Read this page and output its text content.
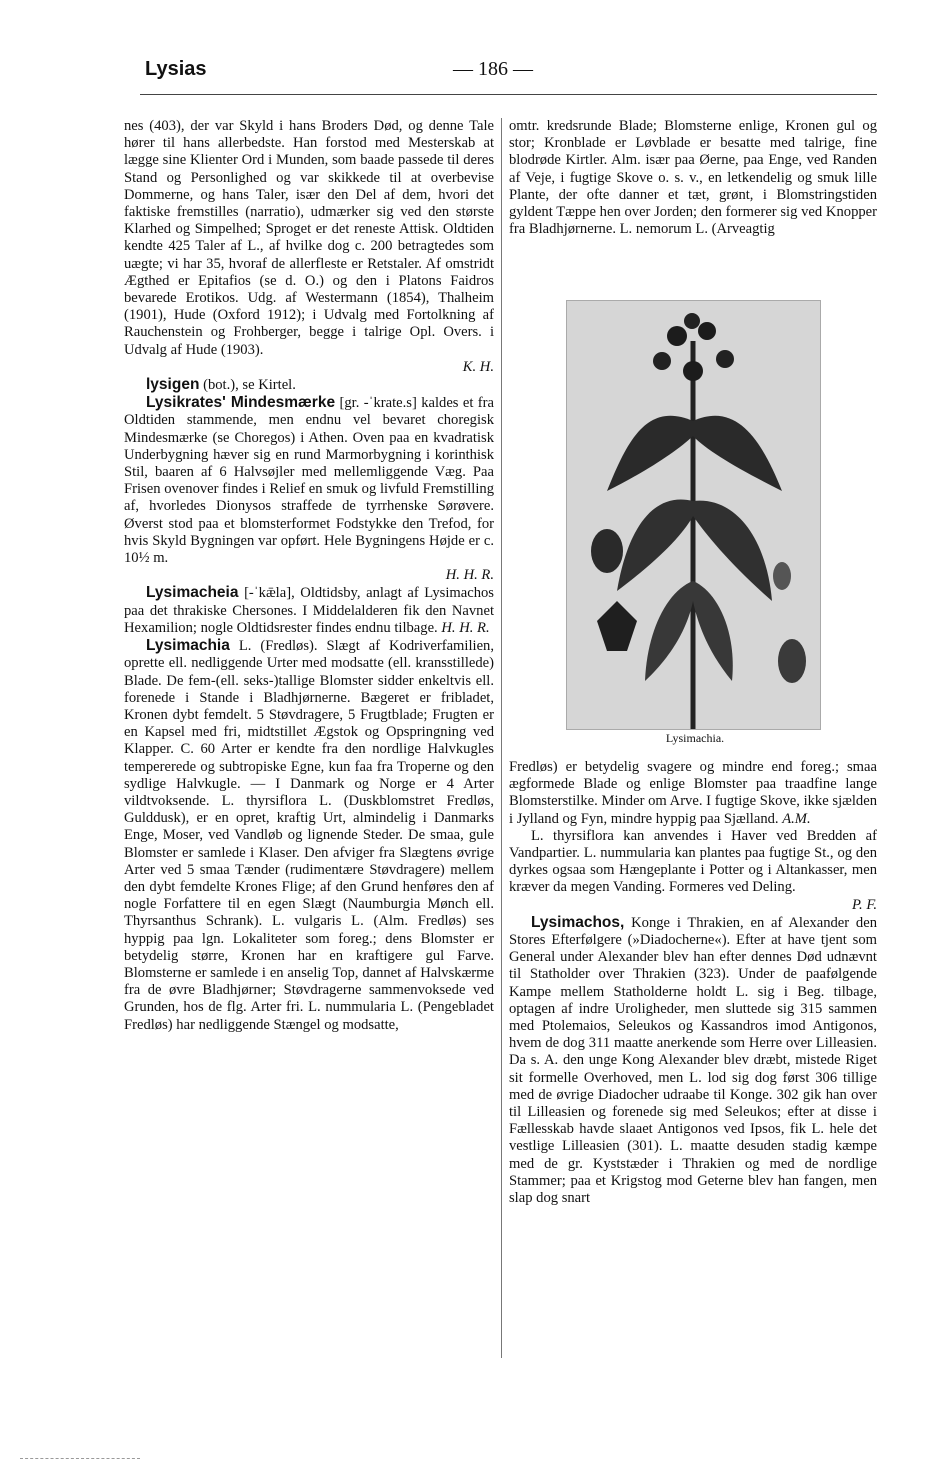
Lysias	— 186 —

nes (403), der var Skyld i hans Broders Død, og denne Tale hører til hans allerbedste. Han forstod med Mesterskab at lægge sine Klienter Ord i Munden, som baade passede til deres Stand og Personlighed og var skikkede til at overbevise Dommerne, og hans Taler, især den Del af dem, hvori det faktiske fremstilles (narratio), udmærker sig ved den største Klarhed og Simpelhed; Sproget er det reneste Attisk. Oldtiden kendte 425 Taler af L., af hvilke dog c. 200 betragtedes som uægte; vi har 35, hvoraf de allerfleste er Retstaler. Af omstridt Ægthed er Epitafios (se d. O.) og den i Platons Faidros bevarede Erotikos. Udg. af Westermann (1854), Thalheim (1901), Hude (Oxford 1912); i Udvalg med Fortolkning af Rauchenstein og Frohberger, begge i talrige Opl. Overs. i Udvalg af Hude (1903).

K. H.

lysigen (bot.), se Kirtel.

Lysikrates' Mindesmærke [gr. -ˈkrate.s] kaldes et fra Oldtiden stammende, men endnu vel bevaret choregisk Mindesmærke (se Choregos) i Athen. Oven paa en kvadratisk Underbygning hæver sig en rund Marmorbygning i korinthisk Stil, baaren af 6 Halvsøjler med mellemliggende Væg. Paa Frisen ovenover findes i Relief en smuk og livfuld Fremstilling af, hvorledes Dionysos straffede de tyrrhenske Sørøvere. Øverst stod paa et blomsterformet Fodstykke den Trefod, for hvis Skyld Bygningen var opført. Hele Bygningens Højde er c. 10½ m.

H. H. R.

Lysimacheia [-ˈkǣla], Oldtidsby, anlagt af Lysimachos paa det thrakiske Chersones. I Middelalderen fik den Navnet Hexamilion; nogle Oldtidsrester findes endnu tilbage. H. H. R.

Lysimachia L. (Fredløs). Slægt af Kodriverfamilien, oprette ell. nedliggende Urter med modsatte (ell. kransstillede) Blade. De fem-(ell. seks-)tallige Blomster sidder enkeltvis ell. forenede i Stande i Bladhjørnerne. Bægeret er fribladet, Kronen dybt femdelt. 5 Støvdragere, 5 Frugtblade; Frugten er en Kapsel med fri, midtstillet Ægstok og Opspringning ved Klapper. C. 60 Arter er kendte fra den nordlige Halvkugles tempererede og subtropiske Egne, kun faa fra Troperne og den sydlige Halvkugle. — I Danmark og Norge er 4 Arter vildtvoksende. L. thyrsiflora L. (Duskblomstret Fredløs, Gulddusk), er en opret, kraftig Urt, almindelig i Danmarks Enge, Moser, ved Vandløb og lignende Steder. De smaa, gule Blomster er samlede i Klaser. Den afviger fra Slægtens øvrige Arter ved 5 smaa Tænder (rudimentære Støvdragere) mellem den dybt femdelte Krones Flige; af den Grund henføres den af nogle Forfattere til en egen Slægt (Naumburgia Mønch ell. Thyrsanthus Schrank). L. vulgaris L. (Alm. Fredløs) ses hyppig paa lgn. Lokaliteter som foreg.; dens Blomster er betydelig større, Kronen har en kraftigere gul Farve. Blomsterne er samlede i en anselig Top, dannet af Halvskærme fra de øvre Bladhjørner; Støvdragerne sammenvoksede ved Grunden, hos de flg. Arter fri. L. nummularia L. (Pengebladet Fredløs) har nedliggende Stængel og modsatte,

omtr. kredsrunde Blade; Blomsterne enlige, Kronen gul og stor; Kronblade er Løvblade er besatte med talrige, fine blodrøde Kirtler. Alm. især paa Øerne, paa Enge, ved Randen af Veje, i fugtige Skove o. s. v., en letkendelig og smuk lille Plante, der ofte danner et tæt, grønt, i Blomstringstiden gyldent Tæppe hen over Jorden; den formerer sig ved Knopper fra Bladhjørnerne. L. nemorum L. (Arveagtig

Lysimachia.

Fredløs) er betydelig svagere og mindre end foreg.; smaa ægformede Blade og enlige Blomster paa traadfine lange Blomsterstilke. Minder om Arve. I fugtige Skove, ikke sjælden i Jylland og Fyn, mindre hyppig paa Sjælland. A.M.

L. thyrsiflora kan anvendes i Haver ved Bredden af Vandpartier. L. nummularia kan plantes paa fugtige St., og den dyrkes ogsaa som Hængeplante i Potter og i Altankasser, men kræver da megen Vanding. Formeres ved Deling.

P. F.

Lysimachos, Konge i Thrakien, en af Alexander den Stores Efterfølgere (»Diadocherne«). Efter at have tjent som General under Alexander blev han efter dennes Død udnævnt til Statholder over Thrakien (323). Under de paafølgende Kampe mellem Statholderne holdt L. sig i Beg. tilbage, optagen af indre Uroligheder, men sluttede sig 315 sammen med Ptolemaios, Seleukos og Kassandros imod Antigonos, hvem de dog 311 maatte anerkende som Herre over Lilleasien. Da s. A. den unge Kong Alexander blev dræbt, mistede Riget sit formelle Overhoved, men L. lod sig dog først 306 tillige med de øvrige Diadocher udraabe til Konge. 302 gik han over til Lilleasien og forenede sig med Seleukos; efter at disse i Fællesskab havde slaaet Antigonos ved Ipsos, fik L. hele det vestlige Lilleasien (301). L. maatte desuden stadig kæmpe med de gr. Kyststæder i Thrakien og med de nordlige Stammer; paa et Krigstog mod Geterne blev han fangen, men slap dog snart
